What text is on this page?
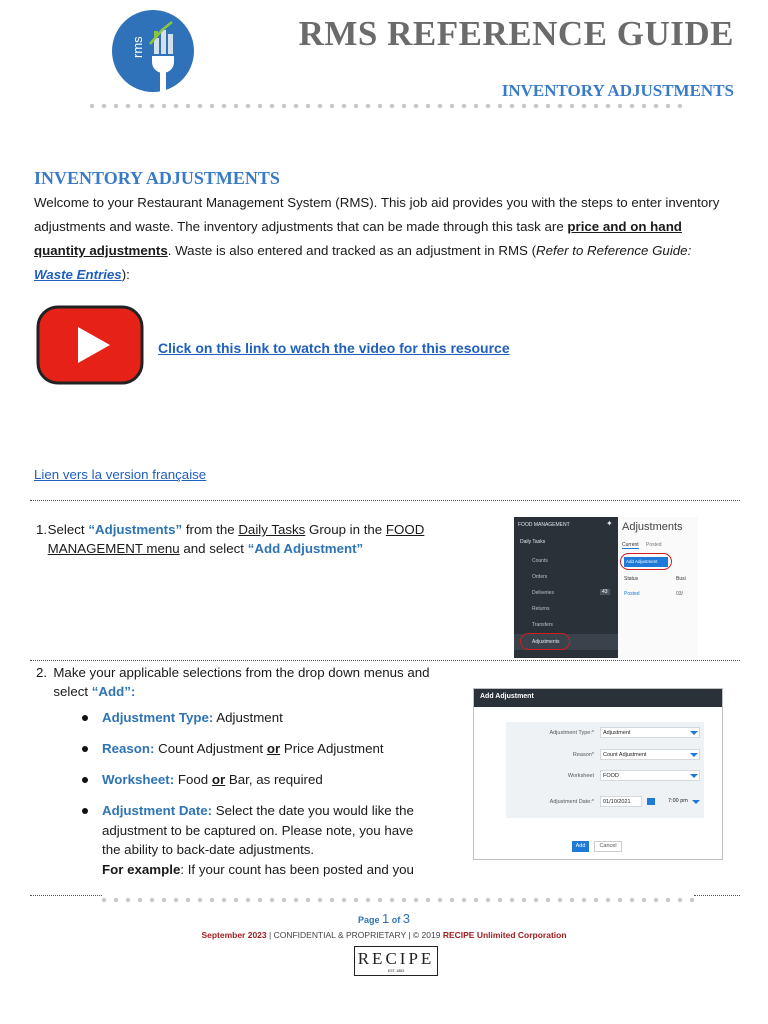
rms	RMS REFERENCE GUIDE
INVENTORY ADJUSTMENTS
INVENTORY ADJUSTMENTS
Welcome to your Restaurant Management System (RMS). This job aid provides you with the steps to enter inventory adjustments and waste. The inventory adjustments that can be made through this task are price and on hand quantity adjustments. Waste is also entered and tracked as an adjustment in RMS (Refer to Reference Guide: Waste Entries):
Click on this link to watch the video for this resource
Lien vers la version française
1. Select “Adjustments” from the Daily Tasks Group in the FOOD MANAGEMENT menu and select “Add Adjustment”
FOOD MANAGEMENT	✦
Daily Tasks
Counts
Orders
Deliveries	43
Returns
Transfers
Adjustments
Adjustments
Current Posted
Add Adjustment
Status	Busi
Posted	03/
2. Make your applicable selections from the drop down menus and select “Add”:
Adjustment Type: Adjustment
Reason: Count Adjustment or Price Adjustment
Worksheet: Food or Bar, as required
Adjustment Date: Select the date you would like the adjustment to be captured on. Please note, you have the ability to back-date adjustments.
For example: If your count has been posted and you
Add Adjustment
Adjustment Type:*	Adjustment
Reason*	Count Adjustment
Worksheet	FOOD
Adjustment Date:*	01/10/2021	7:00 pm
Add	Cancel
Page 1 of 3
September 2023 | CONFIDENTIAL & PROPRIETARY | © 2019 RECIPE Unlimited Corporation
RECIPE
EST. 1883
